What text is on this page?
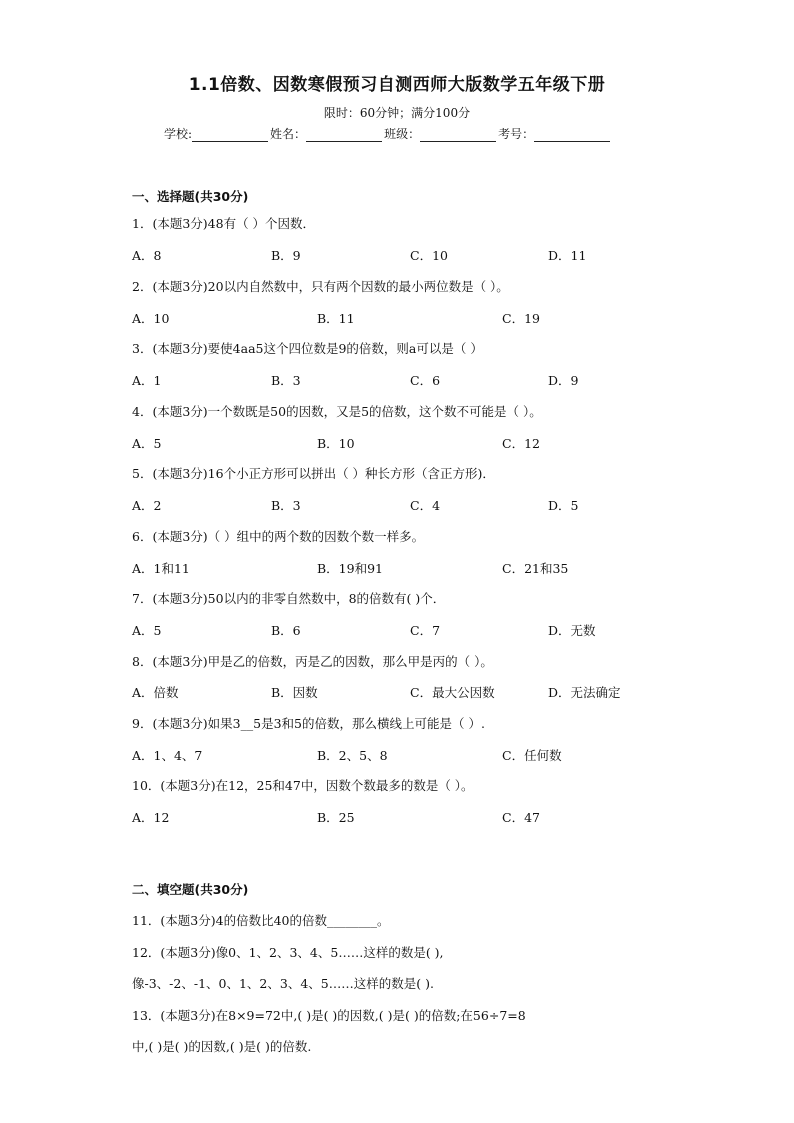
1.1倍数、因数寒假预习自测西师大版数学五年级下册
限时：60分钟；满分100分
学校:	姓名：	班级：	考号：
一、选择题(共30分)
1．(本题3分)48有（ ）个因数．
A．8	B．9	C．10	D．11
2．(本题3分)20以内自然数中，只有两个因数的最小两位数是（ ）。
A．10	B．11	C．19
3．(本题3分)要使4aa5这个四位数是9的倍数，则a可以是（ ）
A．1	B．3	C．6	D．9
4．(本题3分)一个数既是50的因数，又是5的倍数，这个数不可能是（ ）。
A．5	B．10	C．12
5．(本题3分)16个小正方形可以拼出（ ）种长方形（含正方形)．
A．2	B．3	C．4	D．5
6．(本题3分)（ ）组中的两个数的因数个数一样多。
A．1和11	B．19和91	C．21和35
7．(本题3分)50以内的非零自然数中，8的倍数有( )个．
A．5	B．6	C．7	D．无数
8．(本题3分)甲是乙的倍数，丙是乙的因数，那么甲是丙的（ ）。
A．倍数	B．因数	C．最大公因数	D．无法确定
9．(本题3分)如果3__5是3和5的倍数，那么横线上可能是（ ）.
A．1、4、7	B．2、5、8	C．任何数
10．(本题3分)在12，25和47中，因数个数最多的数是（ ）。
A．12	B．25	C．47
二、填空题(共30分)
11．(本题3分)4的倍数比40的倍数________。
12．(本题3分)像0、1、2、3、4、5……这样的数是( ),
像-3、-2、-1、0、1、2、3、4、5……这样的数是( ).
13．(本题3分)在8×9=72中,( )是( )的因数,( )是( )的倍数;在56÷7=8
中,( )是( )的因数,( )是( )的倍数.
